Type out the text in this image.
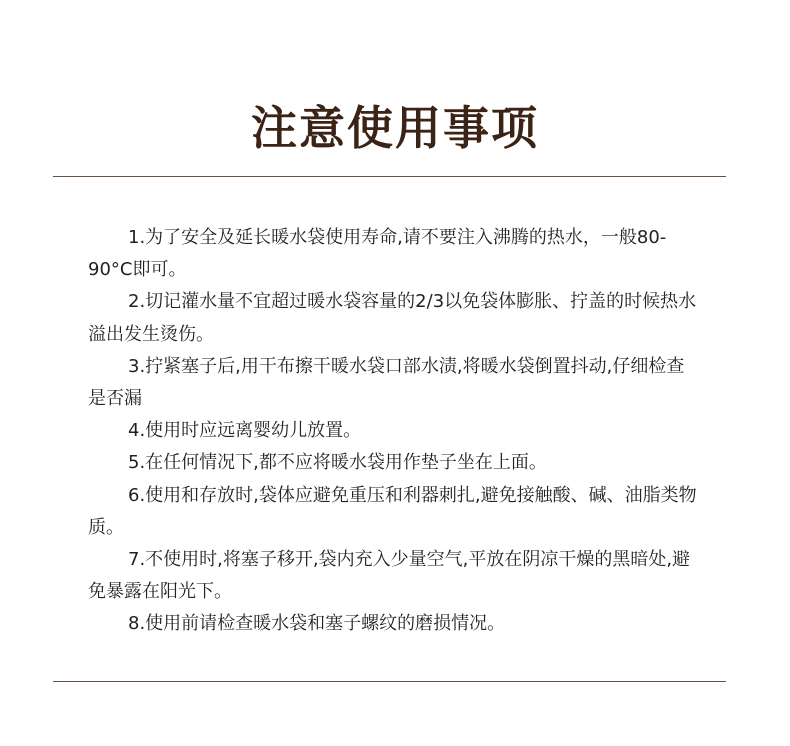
注意使用事项
1.为了安全及延长暖水袋使用寿命,请不要注入沸腾的热水，一般80-90°C即可。
2.切记灌水量不宜超过暖水袋容量的2/3以免袋体膨胀、拧盖的时候热水溢出发生烫伤。
3.拧紧塞子后,用干布擦干暖水袋口部水渍,将暖水袋倒置抖动,仔细检查是否漏
4.使用时应远离婴幼儿放置。
5.在任何情况下,都不应将暖水袋用作垫子坐在上面。
6.使用和存放时,袋体应避免重压和利器刺扎,避免接触酸、碱、油脂类物质。
7.不使用时,将塞子移开,袋内充入少量空气,平放在阴凉干燥的黑暗处,避免暴露在阳光下。
8.使用前请检查暖水袋和塞子螺纹的磨损情况。
